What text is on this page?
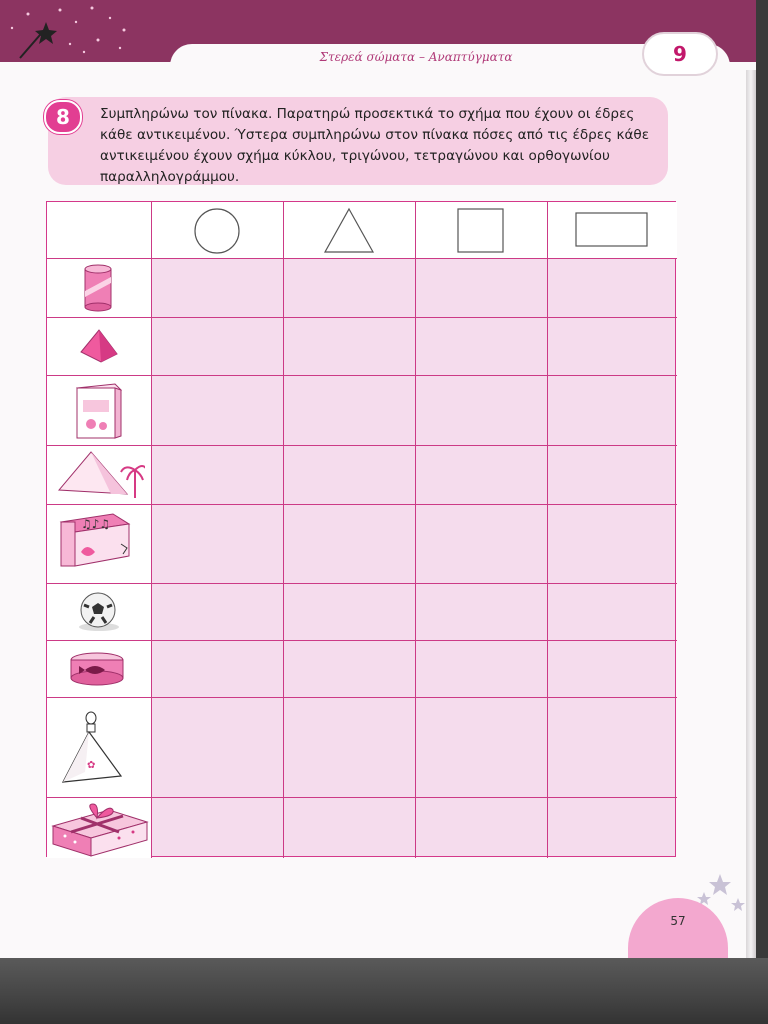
Στερεά σώματα – Αναπτύγματα	9
8	Συμπληρώνω τον πίνακα. Παρατηρώ προσεκτικά το σχήμα που έχουν οι έδρες κάθε αντικειμένου. Ύστερα συμπληρώνω στον πίνακα πόσες από τις έδρες κάθε αντικειμένου έχουν σχήμα κύκλου, τριγώνου, τετραγώνου και ορθογωνίου παραλληλογράμμου.
♫♪♫
✿
57
